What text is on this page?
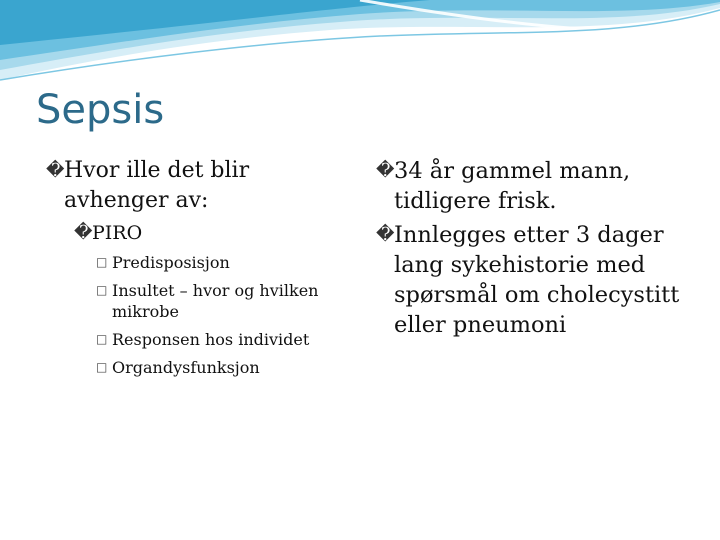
Sepsis
� Hvor ille det blir avhenger av:
� PIRO
□ Predisposisjon
□ Insultet – hvor og hvilken mikrobe
□ Responsen hos individet
□ Organdysfunksjon
� 34 år gammel mann, tidligere frisk.
� Innlegges etter 3 dager lang sykehistorie med spørsmål om cholecystitt eller pneumoni
